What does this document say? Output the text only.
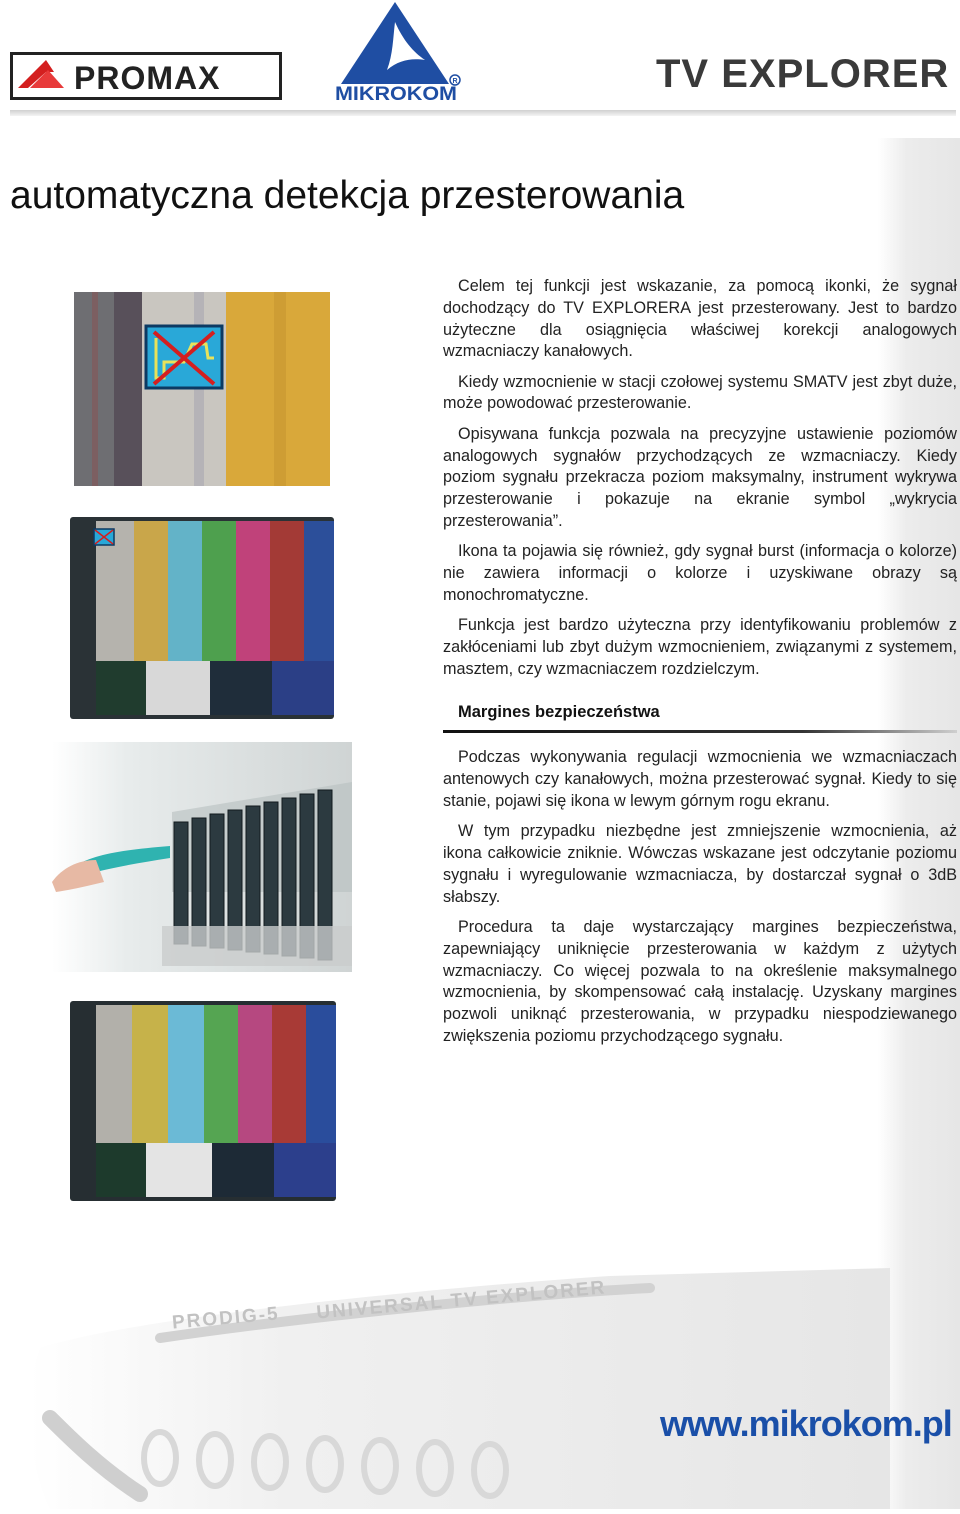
PROMAX	R
MIKROKOM	TV EXPLORER
automatyczna detekcja przesterowania

Celem tej funkcji jest wskazanie, za pomocą ikonki, że sygnał dochodzący do TV EXPLORERA jest przesterowany. Jest to bardzo użyteczne dla osiągnięcia właściwej korekcji analogowych wzmacniaczy kanałowych.

Kiedy wzmocnienie w stacji czołowej systemu SMATV jest zbyt duże, może powodować przesterowanie.

Opisywana funkcja pozwala na precyzyjne ustawienie poziomów analogowych sygnałów przychodzących ze wzmacniaczy. Kiedy poziom sygnału przekracza poziom maksymalny, instrument wykrywa przesterowanie i pokazuje na ekranie symbol „wykrycia przesterowania”.

Ikona ta pojawia się również, gdy sygnał burst (informacja o kolorze) nie zawiera informacji o kolorze i uzyskiwane obrazy są monochromatyczne.

Funkcja jest bardzo użyteczna przy identyfikowaniu problemów z zakłóceniami lub zbyt dużym wzmocnieniem, związanymi z systemem, masztem, czy wzmacniaczem rozdzielczym.

Margines bezpieczeństwa

Podczas wykonywania regulacji wzmocnienia we wzmacniaczach antenowych czy kanałowych, można przesterować sygnał. Kiedy to się stanie, pojawi się ikona w lewym górnym rogu ekranu.

W tym przypadku niezbędne jest zmniejszenie wzmocnienia, aż ikona całkowicie zniknie. Wówczas wskazane jest odczytanie poziomu sygnału i wyregulowanie wzmacniacza, by dostarczał sygnał o 3dB słabszy.

Procedura ta daje wystarczający margines bezpieczeństwa, zapewniający uniknięcie przesterowania w każdym z użytych wzmacniaczy. Co więcej pozwala to na określenie maksymalnego wzmocnienia, by skompensować całą instalację. Uzyskany margines pozwoli uniknąć przesterowania, w przypadku niespodziewanego zwiększenia poziomu przychodzącego sygnału.

PRODIG-5 UNIVERSAL TV EXPLORER
www.mikrokom.pl
